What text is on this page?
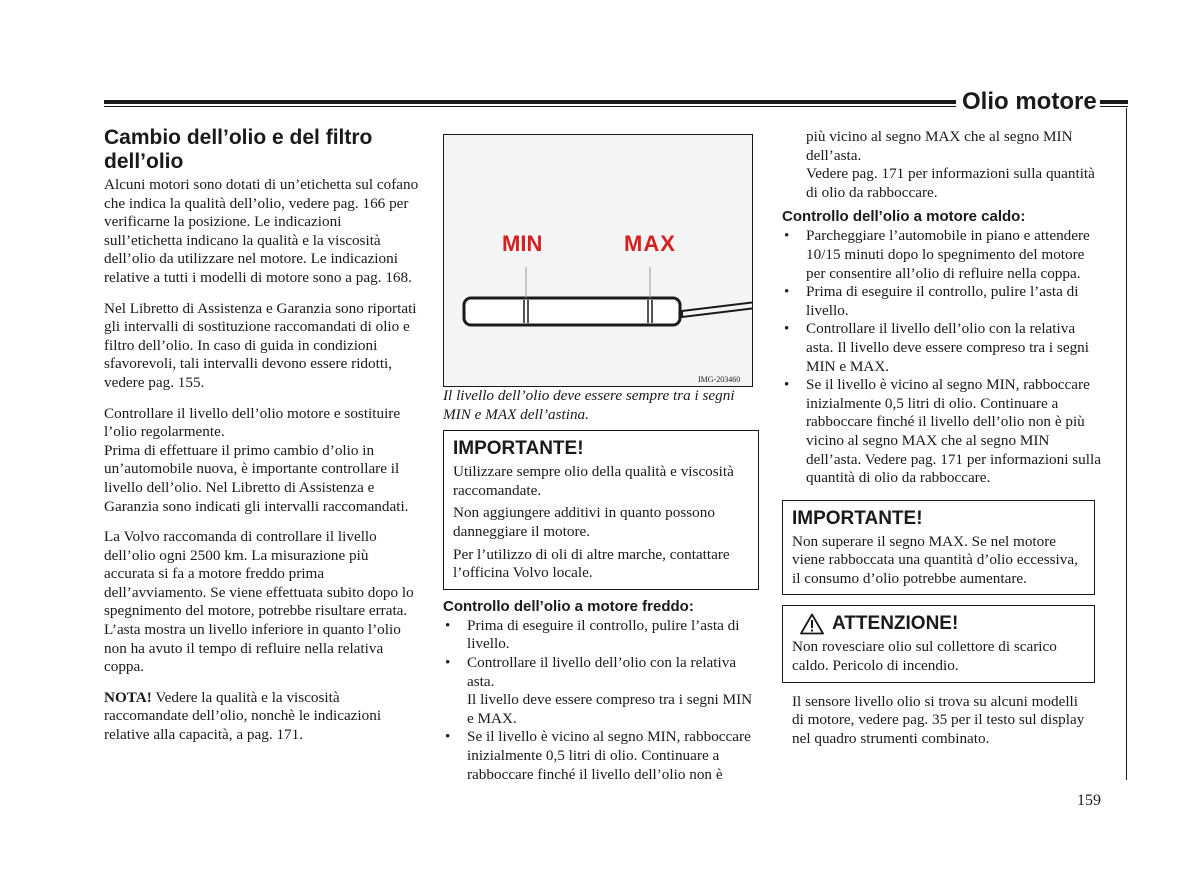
Olio motore
Cambio dell’olio e del filtro dell’olio

Alcuni motori sono dotati di un’etichetta sul cofano che indica la qualità dell’olio, vedere pag. 166 per verificarne la posizione. Le indicazioni sull’etichetta indicano la qualità e la viscosità dell’olio da utilizzare nel motore. Le indicazioni relative a tutti i modelli di motore sono a pag. 168.

Nel Libretto di Assistenza e Garanzia sono riportati gli intervalli di sostituzione raccomandati di olio e filtro dell’olio. In caso di guida in condizioni sfavorevoli, tali intervalli devono essere ridotti, vedere pag. 155.

Controllare il livello dell’olio motore e sostituire l’olio regolarmente.

Prima di effettuare il primo cambio d’olio in un’automobile nuova, è importante controllare il livello dell’olio. Nel Libretto di Assistenza e Garanzia sono indicati gli intervalli raccomandati.

La Volvo raccomanda di controllare il livello dell’olio ogni 2500 km. La misurazione più accurata si fa a motore freddo prima dell’avviamento. Se viene effettuata subito dopo lo spegnimento del motore, potrebbe risultare errata. L’asta mostra un livello inferiore in quanto l’olio non ha avuto il tempo di refluire nella relativa coppa.

NOTA! Vedere la qualità e la viscosità raccomandate dell’olio, nonchè le indicazioni relative alla capacità, a pag. 171.

MIN	MAX
IMG-203460

Il livello dell’olio deve essere sempre tra i segni MIN e MAX dell’astina.

IMPORTANTE!

Utilizzare sempre olio della qualità e viscosità raccomandate.

Non aggiungere additivi in quanto possono danneggiare il motore.

Per l’utilizzo di oli di altre marche, contattare l’officina Volvo locale.

Controllo dell’olio a motore freddo:
• Prima di eseguire il controllo, pulire l’asta di livello.
• Controllare il livello dell’olio con la relativa asta.
Il livello deve essere compreso tra i segni MIN e MAX.
• Se il livello è vicino al segno MIN, rabboccare inizialmente 0,5 litri di olio. Continuare a rabboccare finché il livello dell’olio non è

più vicino al segno MAX che al segno MIN dell’asta.

Vedere pag. 171 per informazioni sulla quantità di olio da rabboccare.

Controllo dell’olio a motore caldo:
• Parcheggiare l’automobile in piano e attendere 10/15 minuti dopo lo spegnimento del motore per consentire all’olio di refluire nella coppa.
• Prima di eseguire il controllo, pulire l’asta di livello.
• Controllare il livello dell’olio con la relativa asta. Il livello deve essere compreso tra i segni MIN e MAX.
• Se il livello è vicino al segno MIN, rabboccare inizialmente 0,5 litri di olio. Continuare a rabboccare finché il livello dell’olio non è più vicino al segno MAX che al segno MIN dell’asta. Vedere pag. 171 per informazioni sulla quantità di olio da rabboccare.
IMPORTANTE!

Non superare il segno MAX. Se nel motore viene rabboccata una quantità d’olio eccessiva, il consumo d’olio potrebbe aumentare.

ATTENZIONE!

Non rovesciare olio sul collettore di scarico caldo. Pericolo di incendio.

Il sensore livello olio si trova su alcuni modelli di motore, vedere pag. 35 per il testo sul display nel quadro strumenti combinato.

159
